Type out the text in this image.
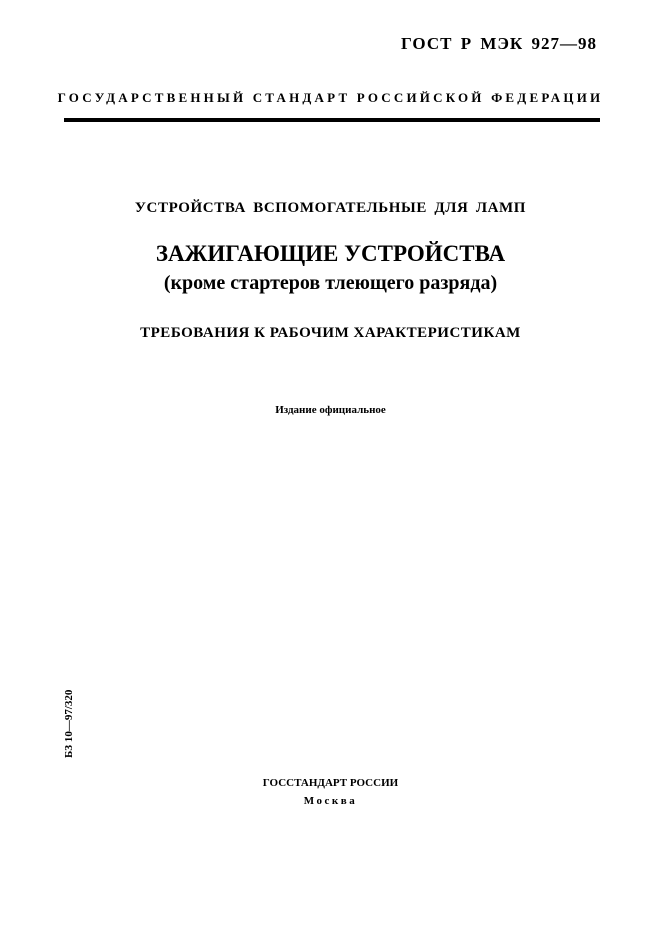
ГОСТ Р МЭК 927—98
ГОСУДАРСТВЕННЫЙ СТАНДАРТ РОССИЙСКОЙ ФЕДЕРАЦИИ
УСТРОЙСТВА ВСПОМОГАТЕЛЬНЫЕ ДЛЯ ЛАМП
ЗАЖИГАЮЩИЕ УСТРОЙСТВА
(кроме стартеров тлеющего разряда)
ТРЕБОВАНИЯ К РАБОЧИМ ХАРАКТЕРИСТИКАМ
Издание официальное
БЗ 10—97/320
ГОССТАНДАРТ РОССИИ
Москва
